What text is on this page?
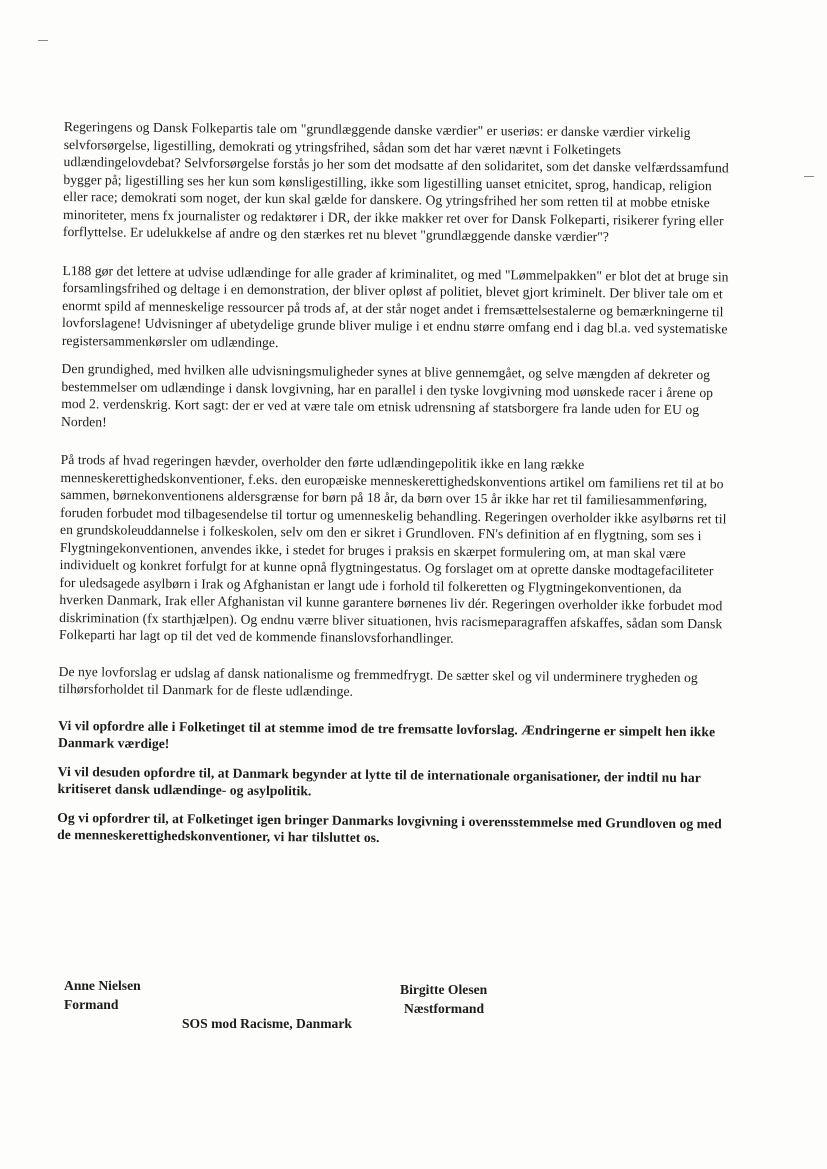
Regeringens og Dansk Folkepartis tale om "grundlæggende danske værdier" er useriøs: er danske værdier virkelig selvforsørgelse, ligestilling, demokrati og ytringsfrihed, sådan som det har været nævnt i Folketingets udlændingelovdebat? Selvforsørgelse forstås jo her som det modsatte af den solidaritet, som det danske velfærdssamfund bygger på; ligestilling ses her kun som kønsligestilling, ikke som ligestilling uanset etnicitet, sprog, handicap, religion eller race; demokrati som noget, der kun skal gælde for danskere. Og ytringsfrihed her som retten til at mobbe etniske minoriteter, mens fx journalister og redaktører i DR, der ikke makker ret over for Dansk Folkeparti, risikerer fyring eller forflyttelse. Er udelukkelse af andre og den stærkes ret nu blevet "grundlæggende danske værdier"?

L188 gør det lettere at udvise udlændinge for alle grader af kriminalitet, og med "Lømmelpakken" er blot det at bruge sin forsamlingsfrihed og deltage i en demonstration, der bliver opløst af politiet, blevet gjort kriminelt. Der bliver tale om et enormt spild af menneskelige ressourcer på trods af, at der står noget andet i fremsættelsestalerne og bemærkningerne til lovforslagene! Udvisninger af ubetydelige grunde bliver mulige i et endnu større omfang end i dag bl.a. ved systematiske registersammenkørsler om udlændinge.

Den grundighed, med hvilken alle udvisningsmuligheder synes at blive gennemgået, og selve mængden af dekreter og bestemmelser om udlændinge i dansk lovgivning, har en parallel i den tyske lovgivning mod uønskede racer i årene op mod 2. verdenskrig. Kort sagt: der er ved at være tale om etnisk udrensning af statsborgere fra lande uden for EU og Norden!

På trods af hvad regeringen hævder, overholder den førte udlændingepolitik ikke en lang række menneskerettighedskonventioner, f.eks. den europæiske menneskerettighedskonventions artikel om familiens ret til at bo sammen, børnekonventionens aldersgrænse for børn på 18 år, da børn over 15 år ikke har ret til familiesammenføring, foruden forbudet mod tilbagesendelse til tortur og umenneskelig behandling. Regeringen overholder ikke asylbørns ret til en grundskoleuddannelse i folkeskolen, selv om den er sikret i Grundloven. FN's definition af en flygtning, som ses i Flygtningekonventionen, anvendes ikke, i stedet for bruges i praksis en skærpet formulering om, at man skal være individuelt og konkret forfulgt for at kunne opnå flygtningestatus. Og forslaget om at oprette danske modtagefaciliteter for uledsagede asylbørn i Irak og Afghanistan er langt ude i forhold til folkeretten og Flygtningekonventionen, da hverken Danmark, Irak eller Afghanistan vil kunne garantere børnenes liv dér. Regeringen overholder ikke forbudet mod diskrimination (fx starthjælpen). Og endnu værre bliver situationen, hvis racismeparagraffen afskaffes, sådan som Dansk Folkeparti har lagt op til det ved de kommende finanslovsforhandlinger.

De nye lovforslag er udslag af dansk nationalisme og fremmedfrygt. De sætter skel og vil underminere trygheden og tilhørsforholdet til Danmark for de fleste udlændinge.

Vi vil opfordre alle i Folketinget til at stemme imod de tre fremsatte lovforslag. Ændringerne er simpelt hen ikke Danmark værdige!

Vi vil desuden opfordre til, at Danmark begynder at lytte til de internationale organisationer, der indtil nu har kritiseret dansk udlændinge- og asylpolitik.

Og vi opfordrer til, at Folketinget igen bringer Danmarks lovgivning i overensstemmelse med Grundloven og med de menneskerettighedskonventioner, vi har tilsluttet os.

Anne Nielsen
Formand
Birgitte Olesen
Næstformand
SOS mod Racisme, Danmark
